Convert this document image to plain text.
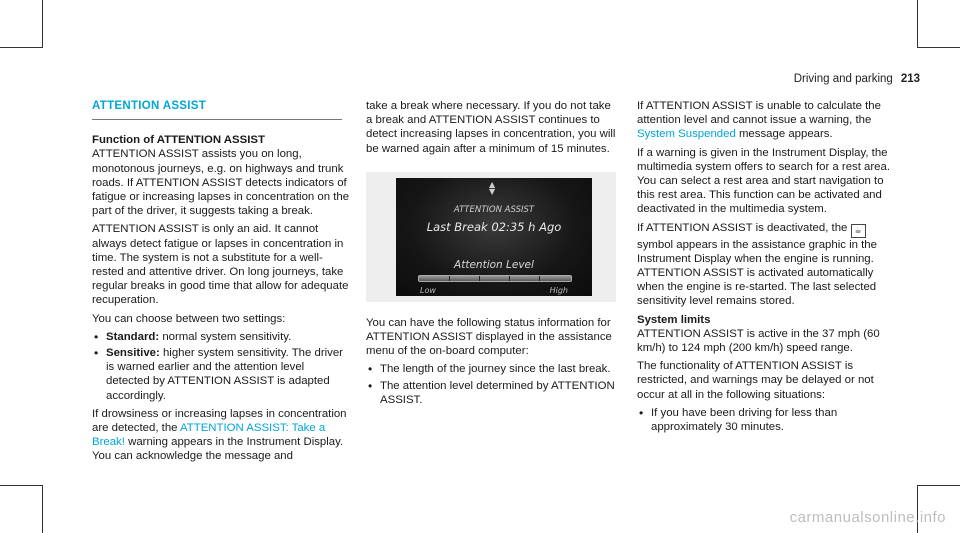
Driving and parking 213
ATTENTION ASSIST
Function of ATTENTION ASSIST

ATTENTION ASSIST assists you on long, monotonous journeys, e.g. on highways and trunk roads. If ATTENTION ASSIST detects indicators of fatigue or increasing lapses in concentration on the part of the driver, it suggests taking a break.

ATTENTION ASSIST is only an aid. It cannot always detect fatigue or lapses in concentration in time. The system is not a substitute for a well-rested and attentive driver. On long journeys, take regular breaks in good time that allow for adequate recuperation.

You can choose between two settings:

• Standard: normal system sensitivity.
• Sensitive: higher system sensitivity. The driver is warned earlier and the attention level detected by ATTENTION ASSIST is adapted accordingly.

If drowsiness or increasing lapses in concentration are detected, the ATTENTION ASSIST: Take a Break! warning appears in the Instrument Display. You can acknowledge the message and

take a break where necessary. If you do not take a break and ATTENTION ASSIST continues to detect increasing lapses in concentration, you will be warned again after a minimum of 15 minutes.

▲
▼
ATTENTION ASSIST
Last Break 02:35 h Ago
Attention Level
Low	High

You can have the following status information for ATTENTION ASSIST displayed in the assistance menu of the on-board computer:

• The length of the journey since the last break.
• The attention level determined by ATTENTION ASSIST.

If ATTENTION ASSIST is unable to calculate the attention level and cannot issue a warning, the System Suspended message appears.

If a warning is given in the Instrument Display, the multimedia system offers to search for a rest area. You can select a rest area and start navigation to this rest area. This function can be activated and deactivated in the multimedia system.

If ATTENTION ASSIST is deactivated, the ☕ symbol appears in the assistance graphic in the Instrument Display when the engine is running. ATTENTION ASSIST is activated automatically when the engine is re-started. The last selected sensitivity level remains stored.

System limits

ATTENTION ASSIST is active in the 37 mph (60 km/h) to 124 mph (200 km/h) speed range.

The functionality of ATTENTION ASSIST is restricted, and warnings may be delayed or not occur at all in the following situations:

• If you have been driving for less than approximately 30 minutes.
carmanualsonline.info
